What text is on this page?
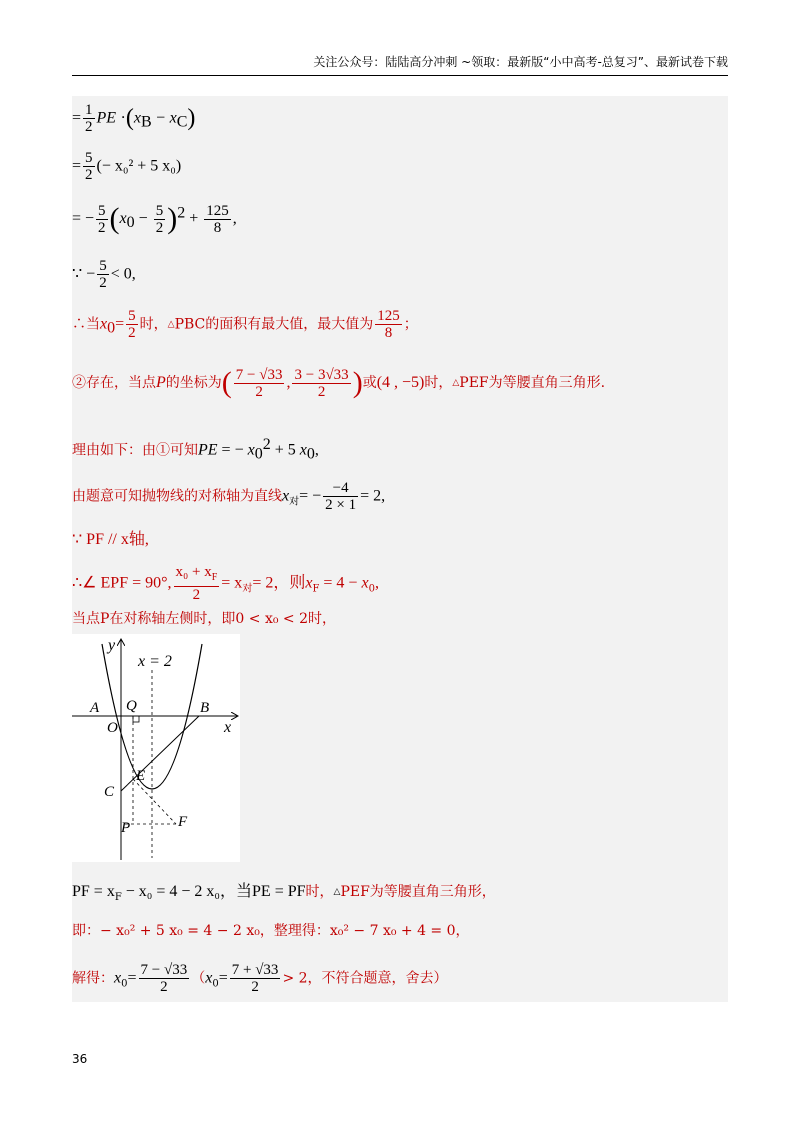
关注公众号：陆陆高分冲刺 ~领取：最新版“小中高考-总复习”、最新试卷下载
= $\frac{1}{2}$ PE $\cdot(x_B - x_C)$
= $\frac{5}{2}$ (− x₀² + 5 x₀)
= − $\frac{5}{2} (x_0 - \frac{5}{2} )^2 + \frac{125}{8}$ ,
∵ − $\frac{5}{2} < 0$,
∴当$x_0= \frac{5}{2}$ 时，△PBC的面积有最大值，最大值为 $\frac{125}{8}$ ；
②存在，当点P的坐标为( $\frac{7 - √33}{2}$ , $\frac{3 - 3√33}{2}$ )或(4 , −5)时，△PEF为等腰直角三角形.
理由如下：由①可知PE = − $x_0^2 + 5$ $x_0$,
由题意可知抛物线的对称轴为直线$x_对= - \frac{-4}{2 \times 1} = 2$,
∵ PF // x轴,
∴∠ EPF = 90°, $\frac{x_0 + x_F}{2} = x_对= 2$，则$x_F = 4 - x_0$,
当点P在对称轴左侧时，即0 < x₀ < 2时，
y
x
x = 2
A
O
Q	B
C
E
P	F
PF = $x_F - x_0 = 4 - 2$ x₀，当PE = PF时，△PEF为等腰直角三角形，
即：− x₀² + 5 x₀ = 4 − 2 x₀，整理得：x₀² − 7 x₀ + 4 = 0，
解得：$x_0= \frac{7 - √33}{2} (x_0= \frac{7 + √33}{2} > 2$，不符合题意，舍去）
36
